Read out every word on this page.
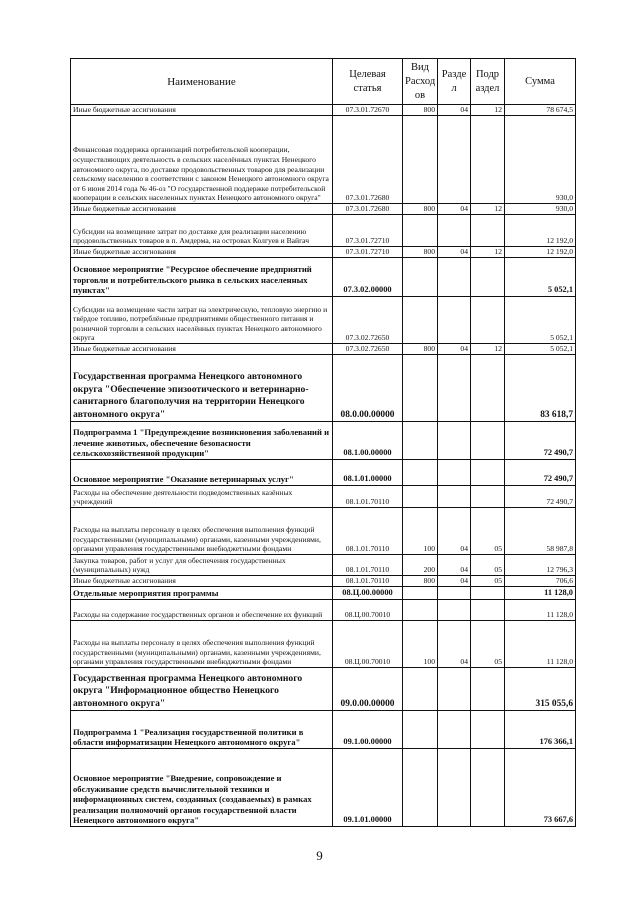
Наименование	Целевая статья	Вид Расход ов	Разде л	Подр аздел	Сумма
Иные бюджетные ассигнования	07.3.01.72670	800	04	12	78 674,5
Финансовая поддержка организаций потребительской кооперации, осуществляющих деятельность в сельских населённых пунктах Ненецкого автономного округа, по доставке продовольственных товаров для реализации сельскому населению в соответствии с законом Ненецкого автономного округа от 6 июня 2014 года № 46-оз "О государственной поддержке потребительской кооперации в сельских населенных пунктах Ненецкого автономного округа"	07.3.01.72680				930,0
Иные бюджетные ассигнования	07.3.01.72680	800	04	12	930,0
Субсидии на возмещение затрат по доставке для реализации населению продовольственных товаров в п. Амдерма, на островах Колгуев и Вайгач	07.3.01.72710				12 192,0
Иные бюджетные ассигнования	07.3.01.72710	800	04	12	12 192,0
Основное мероприятие "Ресурсное обеспечение предприятий торговли и потребительского рынка в сельских населенных пунктах"	07.3.02.00000				5 052,1
Субсидии на возмещение части затрат на электрическую, тепловую энергию и твёрдое топливо, потреблённые предприятиями общественного питания и розничной торговли в сельских населённых пунктах Ненецкого автономного округа	07.3.02.72650				5 052,1
Иные бюджетные ассигнования	07.3.02.72650	800	04	12	5 052,1
Государственная программа Ненецкого автономного округа "Обеспечение эпизоотического и ветеринарно-санитарного благополучия на территории Ненецкого автономного округа"	08.0.00.00000				83 618,7
Подпрограмма 1 "Предупреждение возникновения заболеваний и лечение животных, обеспечение безопасности сельскохозяйственной продукции"	08.1.00.00000				72 490,7
Основное мероприятие "Оказание ветеринарных услуг"	08.1.01.00000				72 490,7
Расходы на обеспечение деятельности подведомственных казённых учреждений	08.1.01.70110				72 490,7
Расходы на выплаты персоналу в целях обеспечения выполнения функций государственными (муниципальными) органами, казенными учреждениями, органами управления государственными внебюджетными фондами	08.1.01.70110	100	04	05	58 987,8
Закупка товаров, работ и услуг для обеспечения государственных (муниципальных) нужд	08.1.01.70110	200	04	05	12 796,3
Иные бюджетные ассигнования	08.1.01.70110	800	04	05	706,6
Отдельные мероприятия программы	08.Ц.00.00000				11 128,0
Расходы на содержание государственных органов и обеспечение их функций	08.Ц.00.70010				11 128,0
Расходы на выплаты персоналу в целях обеспечения выполнения функций государственными (муниципальными) органами, казенными учреждениями, органами управления государственными внебюджетными фондами	08.Ц.00.70010	100	04	05	11 128,0
Государственная программа Ненецкого автономного округа "Информационное общество Ненецкого автономного округа"	09.0.00.00000				315 055,6
Подпрограмма 1 "Реализация государственной политики в области информатизации Ненецкого автономного округа"	09.1.00.00000				176 366,1
Основное мероприятие "Внедрение, сопровождение и обслуживание средств вычислительной техники и информационных систем, созданных (создаваемых) в рамках реализации полномочий органов государственной власти Ненецкого автономного округа"	09.1.01.00000				73 667,6
9
